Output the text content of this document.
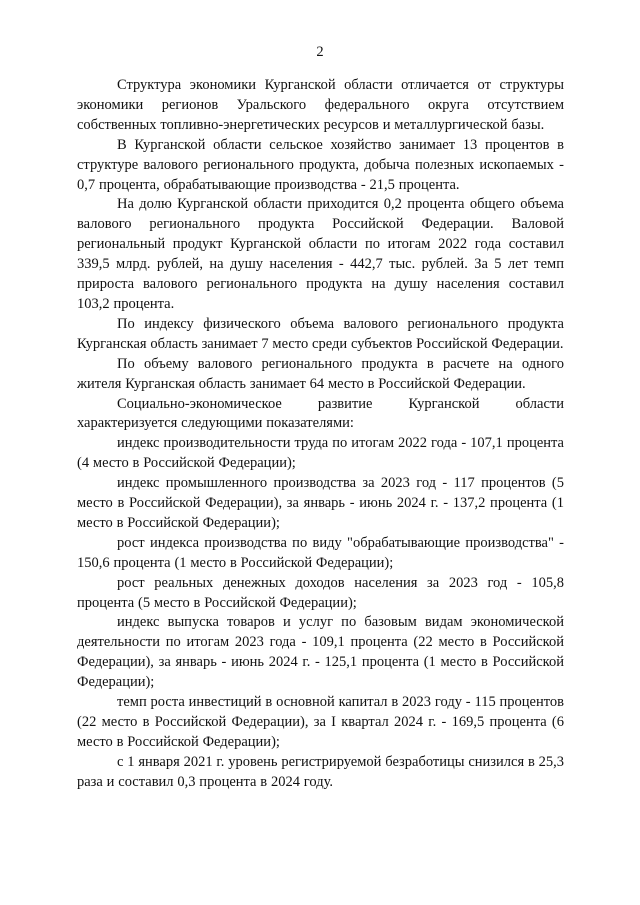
2

Структура экономики Курганской области отличается от структуры экономики регионов Уральского федерального округа отсутствием собственных топливно-энергетических ресурсов и металлургической базы.

В Курганской области сельское хозяйство занимает 13 процентов в структуре валового регионального продукта, добыча полезных ископаемых - 0,7 процента, обрабатывающие производства - 21,5 процента.

На долю Курганской области приходится 0,2 процента общего объема валового регионального продукта Российской Федерации. Валовой региональный продукт Курганской области по итогам 2022 года составил 339,5 млрд. рублей, на душу населения - 442,7 тыс. рублей. За 5 лет темп прироста валового регионального продукта на душу населения составил 103,2 процента.

По индексу физического объема валового регионального продукта Курганская область занимает 7 место среди субъектов Российской Федерации.

По объему валового регионального продукта в расчете на одного жителя Курганская область занимает 64 место в Российской Федерации.

Социально-экономическое развитие Курганской области характеризуется следующими показателями:

индекс производительности труда по итогам 2022 года - 107,1 процента (4 место в Российской Федерации);

индекс промышленного производства за 2023 год - 117 процентов (5 место в Российской Федерации), за январь - июнь 2024 г. - 137,2 процента (1 место в Российской Федерации);

рост индекса производства по виду "обрабатывающие производства" - 150,6 процента (1 место в Российской Федерации);

рост реальных денежных доходов населения за 2023 год - 105,8 процента (5 место в Российской Федерации);

индекс выпуска товаров и услуг по базовым видам экономической деятельности по итогам 2023 года - 109,1 процента (22 место в Российской Федерации), за январь - июнь 2024 г. - 125,1 процента (1 место в Российской Федерации);

темп роста инвестиций в основной капитал в 2023 году - 115 процентов (22 место в Российской Федерации), за I квартал 2024 г. - 169,5 процента (6 место в Российской Федерации);

с 1 января 2021 г. уровень регистрируемой безработицы снизился в 25,3 раза и составил 0,3 процента в 2024 году.
